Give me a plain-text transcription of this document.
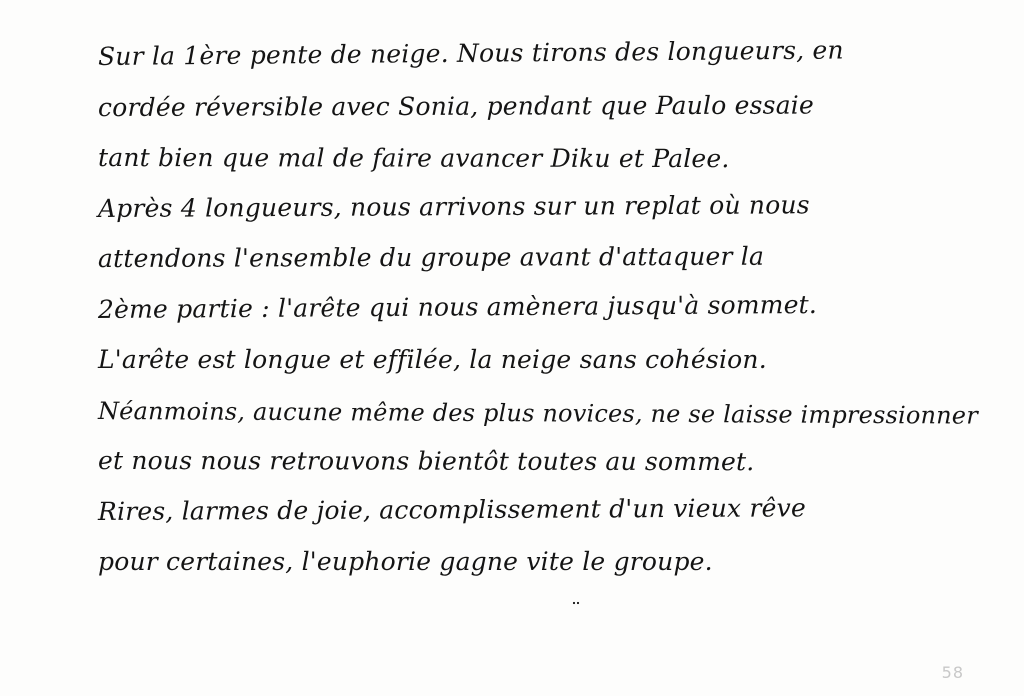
Sur la 1ère pente de neige. Nous tirons des longueurs, en
cordée réversible avec Sonia, pendant que Paulo essaie
tant bien que mal de faire avancer Diku et Palee.
Après 4 longueurs, nous arrivons sur un replat où nous
attendons l'ensemble du groupe avant d'attaquer la
2ème partie : l'arête qui nous amènera jusqu'à sommet.
L'arête est longue et effilée, la neige sans cohésion.
Néanmoins, aucune même des plus novices, ne se laisse impressionner
et nous nous retrouvons bientôt toutes au sommet.
Rires, larmes de joie, accomplissement d'un vieux rêve
pour certaines, l'euphorie gagne vite le groupe.
58
